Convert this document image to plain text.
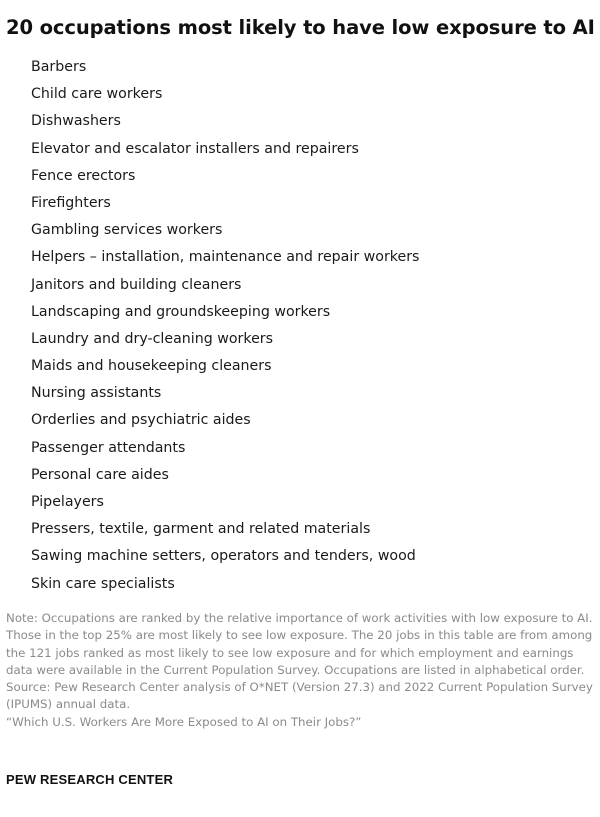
20 occupations most likely to have low exposure to AI
Barbers
Child care workers
Dishwashers
Elevator and escalator installers and repairers
Fence erectors
Firefighters
Gambling services workers
Helpers – installation, maintenance and repair workers
Janitors and building cleaners
Landscaping and groundskeeping workers
Laundry and dry-cleaning workers
Maids and housekeeping cleaners
Nursing assistants
Orderlies and psychiatric aides
Passenger attendants
Personal care aides
Pipelayers
Pressers, textile, garment and related materials
Sawing machine setters, operators and tenders, wood
Skin care specialists

Note: Occupations are ranked by the relative importance of work activities with low exposure to AI. Those in the top 25% are most likely to see low exposure. The 20 jobs in this table are from among the 121 jobs ranked as most likely to see low exposure and for which employment and earnings data were available in the Current Population Survey. Occupations are listed in alphabetical order.

Source: Pew Research Center analysis of O*NET (Version 27.3) and 2022 Current Population Survey (IPUMS) annual data.

“Which U.S. Workers Are More Exposed to AI on Their Jobs?”

PEW RESEARCH CENTER
